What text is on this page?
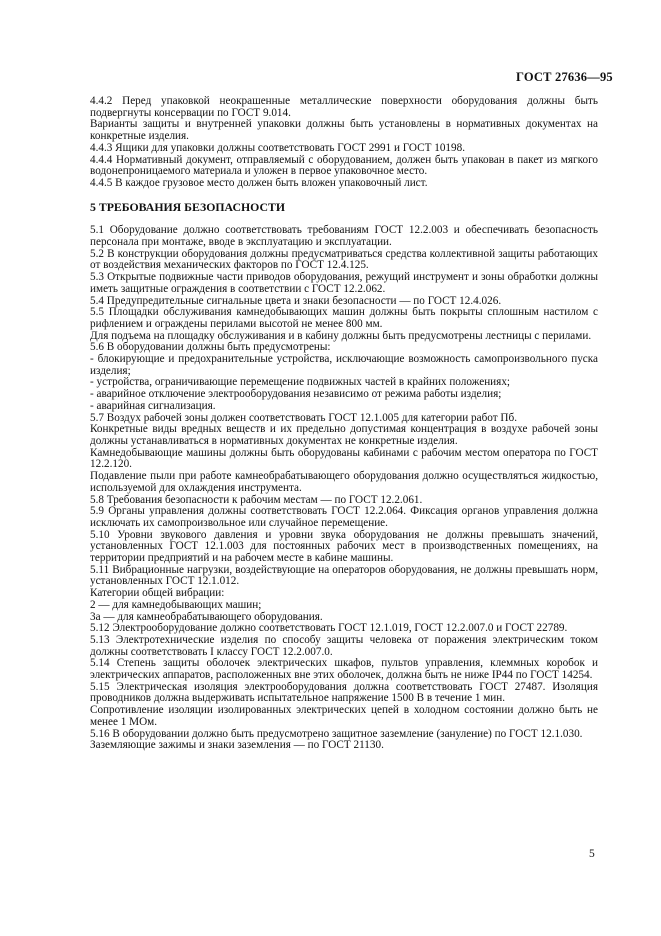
ГОСТ 27636—95

4.4.2 Перед упаковкой неокрашенные металлические поверхности оборудования должны быть подвергнуты консервации по ГОСТ 9.014.

Варианты защиты и внутренней упаковки должны быть установлены в нормативных документах на конкретные изделия.

4.4.3 Ящики для упаковки должны соответствовать ГОСТ 2991 и ГОСТ 10198.

4.4.4 Нормативный документ, отправляемый с оборудованием, должен быть упакован в пакет из мягкого водонепроницаемого материала и уложен в первое упаковочное место.

4.4.5 В каждое грузовое место должен быть вложен упаковочный лист.

5 ТРЕБОВАНИЯ БЕЗОПАСНОСТИ

5.1 Оборудование должно соответствовать требованиям ГОСТ 12.2.003 и обеспечивать безопасность персонала при монтаже, вводе в эксплуатацию и эксплуатации.

5.2 В конструкции оборудования должны предусматриваться средства коллективной защиты работающих от воздействия механических факторов по ГОСТ 12.4.125.

5.3 Открытые подвижные части приводов оборудования, режущий инструмент и зоны обработки должны иметь защитные ограждения в соответствии с ГОСТ 12.2.062.

5.4 Предупредительные сигнальные цвета и знаки безопасности — по ГОСТ 12.4.026.

5.5 Площадки обслуживания камнедобывающих машин должны быть покрыты сплошным настилом с рифлением и ограждены перилами высотой не менее 800 мм.

Для подъема на площадку обслуживания и в кабину должны быть предусмотрены лестницы с перилами.

5.6 В оборудовании должны быть предусмотрены:

- блокирующие и предохранительные устройства, исключающие возможность самопроизвольного пуска изделия;

- устройства, ограничивающие перемещение подвижных частей в крайних положениях;

- аварийное отключение электрооборудования независимо от режима работы изделия;

- аварийная сигнализация.

5.7 Воздух рабочей зоны должен соответствовать ГОСТ 12.1.005 для категории работ Пб.

Конкретные виды вредных веществ и их предельно допустимая концентрация в воздухе рабочей зоны должны устанавливаться в нормативных документах не конкретные изделия.

Камнедобывающие машины должны быть оборудованы кабинами с рабочим местом оператора по ГОСТ 12.2.120.

Подавление пыли при работе камнеобрабатывающего оборудования должно осуществляться жидкостью, используемой для охлаждения инструмента.

5.8 Требования безопасности к рабочим местам — по ГОСТ 12.2.061.

5.9 Органы управления должны соответствовать ГОСТ 12.2.064. Фиксация органов управления должна исключать их самопроизвольное или случайное перемещение.

5.10 Уровни звукового давления и уровни звука оборудования не должны превышать значений, установленных ГОСТ 12.1.003 для постоянных рабочих мест в производственных помещениях, на территории предприятий и на рабочем месте в кабине машины.

5.11 Вибрационные нагрузки, воздействующие на операторов оборудования, не должны превышать норм, установленных ГОСТ 12.1.012.

Категории общей вибрации:

2 — для камнедобывающих машин;

3а — для камнеобрабатывающего оборудования.

5.12 Электрооборудование должно соответствовать ГОСТ 12.1.019, ГОСТ 12.2.007.0 и ГОСТ 22789.

5.13 Электротехнические изделия по способу защиты человека от поражения электрическим током должны соответствовать I классу ГОСТ 12.2.007.0.

5.14 Степень защиты оболочек электрических шкафов, пультов управления, клеммных коробок и электрических аппаратов, расположенных вне этих оболочек, должна быть не ниже IP44 по ГОСТ 14254.

5.15 Электрическая изоляция электрооборудования должна соответствовать ГОСТ 27487. Изоляция проводников должна выдерживать испытательное напряжение 1500 В в течение 1 мин.

Сопротивление изоляции изолированных электрических цепей в холодном состоянии должно быть не менее 1 МОм.

5.16 В оборудовании должно быть предусмотрено защитное заземление (зануление) по ГОСТ 12.1.030.

Заземляющие зажимы и знаки заземления — по ГОСТ 21130.

5
